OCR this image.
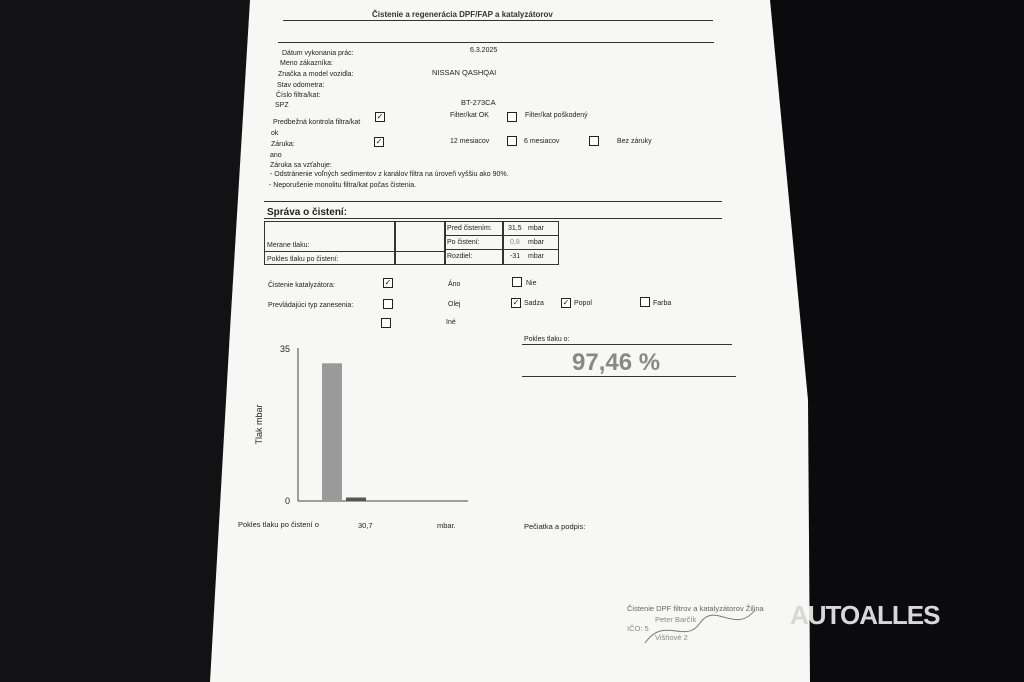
Čistenie a regenerácia DPF/FAP a katalyzátorov
Dátum vykonania prác:	6.3.2025
Meno zákazníka:
Značka a model vozidla:	NISSAN QASHQAI
Stav odometra:
Číslo filtra/kat:
SPZ	BT-273CA
Predbežná kontrola filtra/kat
ok
✓	Filter/kat OK	Filter/kat poškodený
Záruka:
ano
✓	12 mesiacov	6 mesiacov	Bez záruky
Záruka sa vzťahuje:
- Odstránenie voľných sedimentov z kanálov filtra na úroveň vyššiu ako 90%.
- Neporušenie monolitu filtra/kat počas čistenia.
Správa o čistení:
Merane tlaku:
Pokles tlaku po čistení:
Pred čistením: 31,5 mbar
Po čistení:	0,8 mbar
Rozdiel:	-31 mbar
Čistenie katalyzátora:	✓	Áno	Nie
Prevládajúci typ zanesenia:	Olej	✓ Sadza ✓ Popol	Farba
Iné
Pokles tlaku o:
97,46 %
35
0
Tlak mbar
Pokles tlaku po čistení o	30,7	mbar.	Pečiatka a podpis:
Čistenie DPF filtrov a katalyzátorov Žilina
Peter Barčík
IČO: 5
Višňové 2
AUTOALLES
